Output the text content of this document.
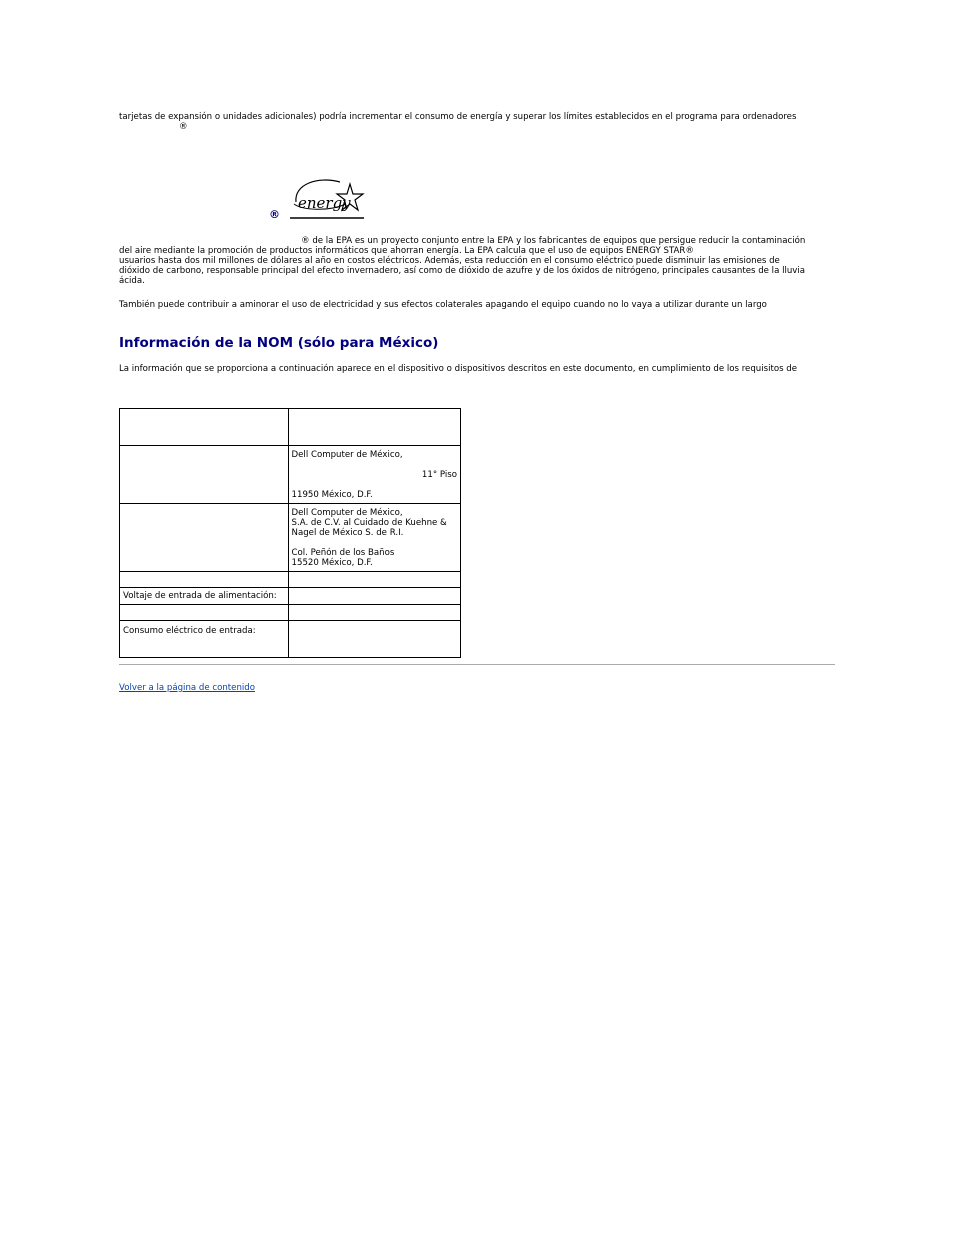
tarjetas de expansión o unidades adicionales) podría incrementar el consumo de energía y superar los límites establecidos en el programa para ordenadores
®
®
energy
® de la EPA es un proyecto conjunto entre la EPA y los fabricantes de equipos que persigue reducir la contaminación
del aire mediante la promoción de productos informáticos que ahorran energía. La EPA calcula que el uso de equipos ENERGY STAR®
usuarios hasta dos mil millones de dólares al año en costos eléctricos. Además, esta reducción en el consumo eléctrico puede disminuir las emisiones de
dióxido de carbono, responsable principal del efecto invernadero, así como de dióxido de azufre y de los óxidos de nitrógeno, principales causantes de la lluvia
ácida.
También puede contribuir a aminorar el uso de electricidad y sus efectos colaterales apagando el equipo cuando no lo vaya a utilizar durante un largo
Información de la NOM (sólo para México)
La información que se proporciona a continuación aparece en el dispositivo o dispositivos descritos en este documento, en cumplimiento de los requisitos de

	Dell Computer de México,
11° Piso
11950 México, D.F.

	Dell Computer de México,
S.A. de C.V. al Cuidado de Kuehne &
Nagel de México S. de R.I.
Col. Peñón de los Baños
15520 México, D.F.

Voltaje de entrada de alimentación:	

Consumo eléctrico de entrada:	
Volver a la página de contenido
